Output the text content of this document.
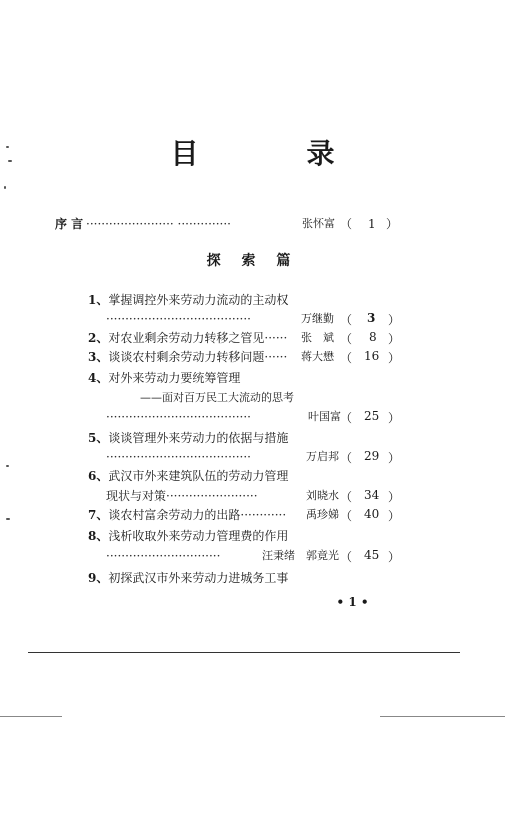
目　录
序 言 ······················· ··············	张怀富 （ 1 ）
探 索 篇
1、掌握调控外来劳动力流动的主动权
······································	万继勤 （ 3 ）
2、对农业剩余劳动力转移之管见······ 张　斌 （ 8 ）
3、谈谈农村剩余劳动力转移问题······ 蒋大懋 （ 16 ）
4、对外来劳动力要统筹管理
——面对百万民工大流动的思考
······································	叶国富 （ 25 ）
5、谈谈管理外来劳动力的依据与措施
······································	万启邦 （ 29 ）
6、武汉市外来建筑队伍的劳动力管理
现状与对策························	刘晓水 （ 34 ）
7、谈农村富余劳动力的出路············ 禹珍娣 （ 40 ）
8、浅析收取外来劳动力管理费的作用
······························	汪秉绪　郭竟光 （ 45 ）
9、初探武汉市外来劳动力进城务工事
• 1 •
